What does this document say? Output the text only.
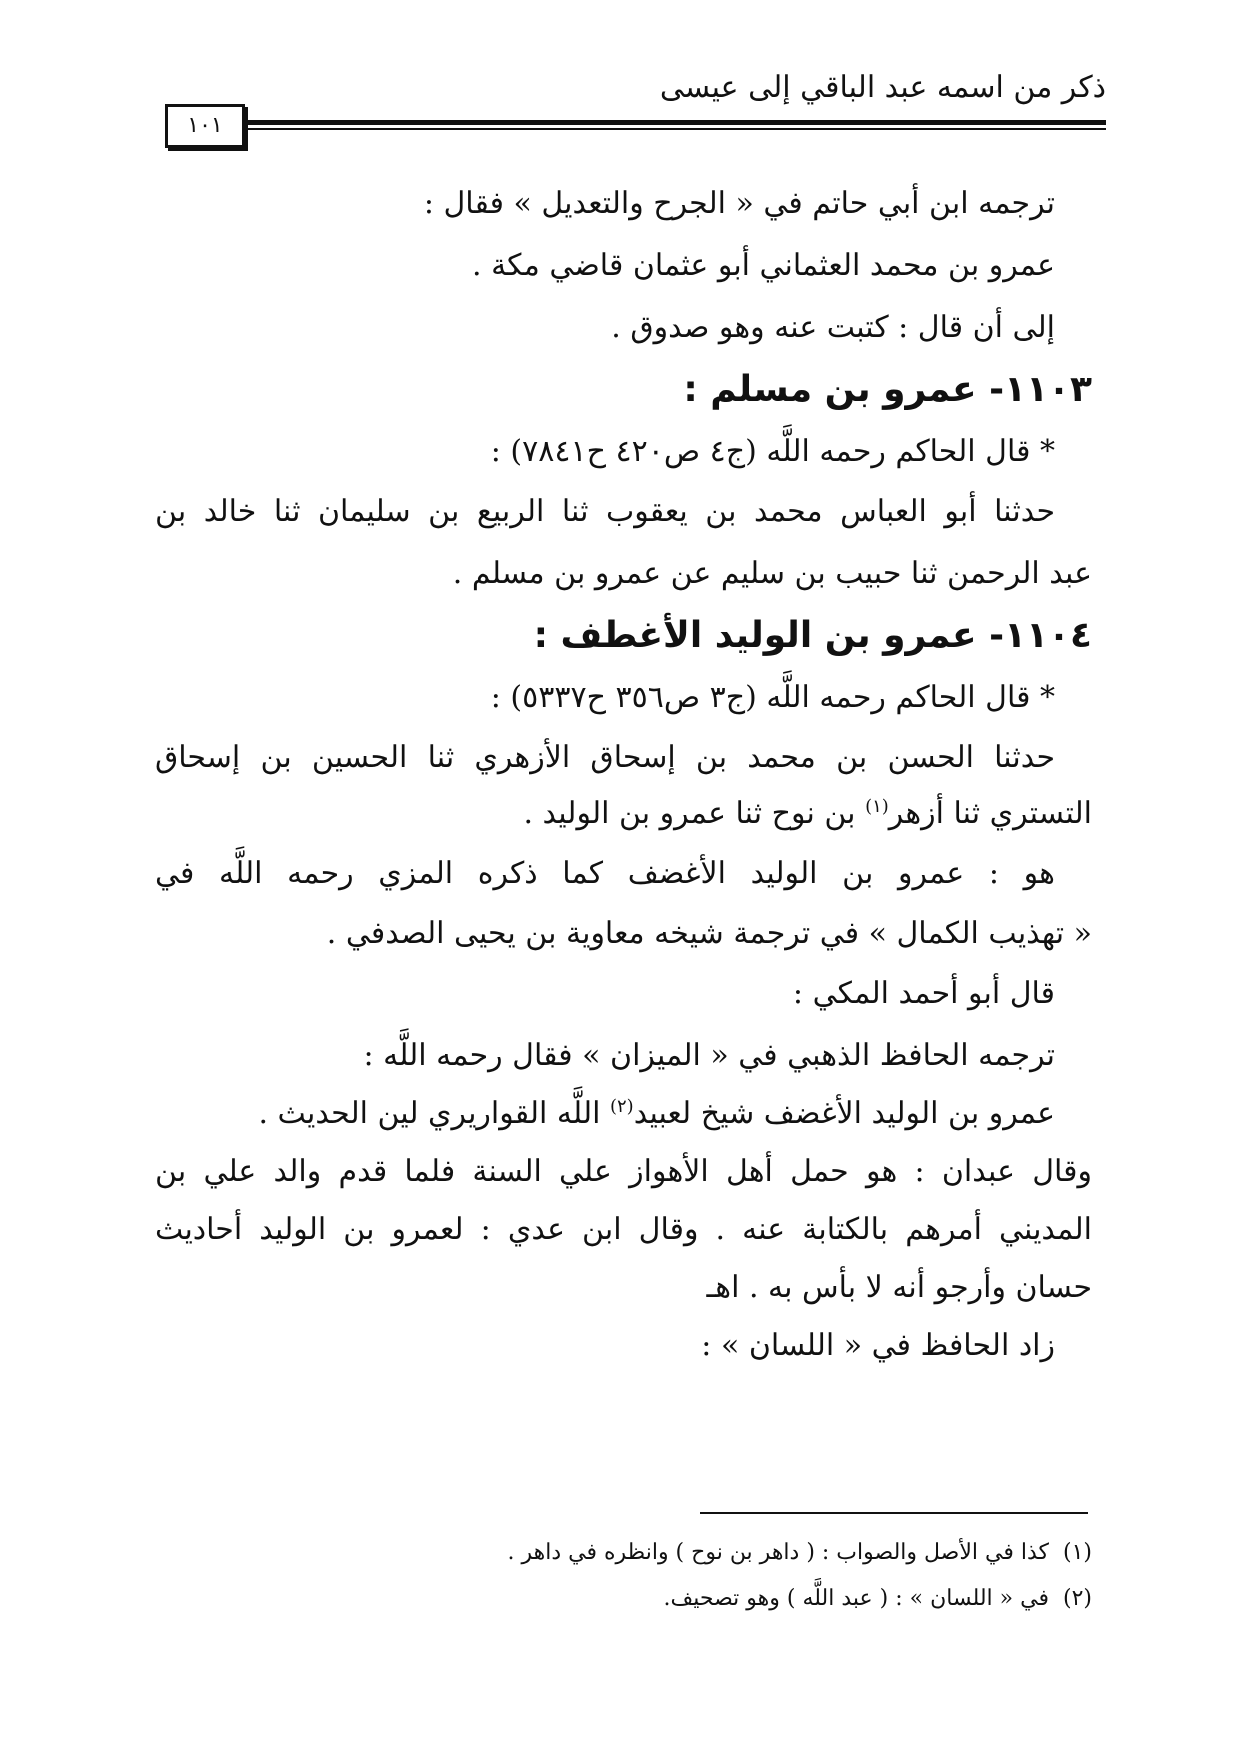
ذكر من اسمه عبد الباقي إلى عيسى
١٠١
ترجمه ابن أبي حاتم في « الجرح والتعديل » فقال :
عمرو بن محمد العثماني أبو عثمان قاضي مكة .
إلى أن قال : كتبت عنه وهو صدوق .
١١٠٣- عمرو بن مسلم :
* قال الحاكم رحمه اللَّه (ج٤ ص٤٢٠ ح٧٨٤١) :
حدثنا أبو العباس محمد بن يعقوب ثنا الربيع بن سليمان ثنا خالد بن
عبد الرحمن ثنا حبيب بن سليم عن عمرو بن مسلم .
١١٠٤- عمرو بن الوليد الأغطف :
* قال الحاكم رحمه اللَّه (ج٣ ص٣٥٦ ح٥٣٣٧) :
حدثنا الحسن بن محمد بن إسحاق الأزهري ثنا الحسين بن إسحاق
التستري ثنا أزهر$^{(١)}$ بن نوح ثنا عمرو بن الوليد .
هو : عمرو بن الوليد الأغضف كما ذكره المزي رحمه اللَّه في
« تهذيب الكمال » في ترجمة شيخه معاوية بن يحيى الصدفي .
قال أبو أحمد المكي :
ترجمه الحافظ الذهبي في « الميزان » فقال رحمه اللَّه :
عمرو بن الوليد الأغضف شيخ لعبيد$^{(٢)}$ اللَّه القواريري لين الحديث .
وقال عبدان : هو حمل أهل الأهواز علي السنة فلما قدم والد علي بن
المديني أمرهم بالكتابة عنه . وقال ابن عدي : لعمرو بن الوليد أحاديث
حسان وأرجو أنه لا بأس به . اهـ
زاد الحافظ في « اللسان » :
(١)كذا في الأصل والصواب : ( داهر بن نوح ) وانظره في داهر .
(٢)في « اللسان » : ( عبد اللَّه ) وهو تصحيف.
